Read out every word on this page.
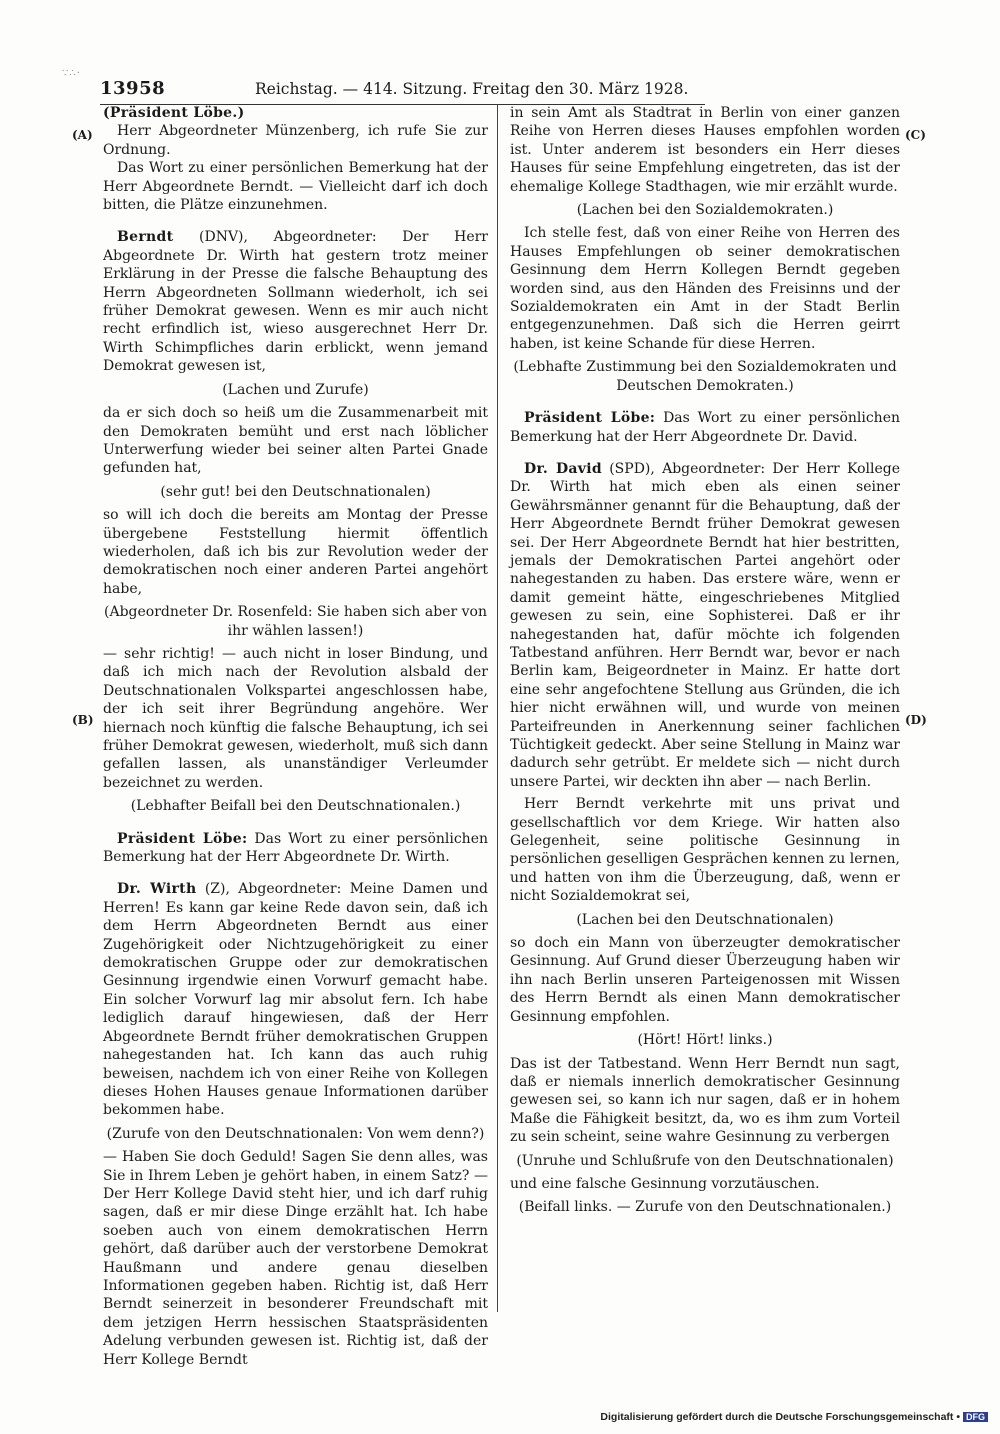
∵∴·
13958	Reichstag. — 414. Sitzung. Freitag den 30. März 1928.
(A)
(B)
(C)
(D)

(Präsident Löbe.)

Herr Abgeordneter Münzenberg, ich rufe Sie zur Ordnung.

Das Wort zu einer persönlichen Bemerkung hat der Herr Abgeordnete Berndt. — Vielleicht darf ich doch bitten, die Plätze einzunehmen.

Berndt (DNV), Abgeordneter: Der Herr Abgeordnete Dr. Wirth hat gestern trotz meiner Erklärung in der Presse die falsche Behauptung des Herrn Abgeordneten Sollmann wiederholt, ich sei früher Demokrat gewesen. Wenn es mir auch nicht recht erfindlich ist, wieso ausgerechnet Herr Dr. Wirth Schimpfliches darin erblickt, wenn jemand Demokrat gewesen ist,

(Lachen und Zurufe)

da er sich doch so heiß um die Zusammenarbeit mit den Demokraten bemüht und erst nach löblicher Unterwerfung wieder bei seiner alten Partei Gnade gefunden hat,

(sehr gut! bei den Deutschnationalen)

so will ich doch die bereits am Montag der Presse übergebene Feststellung hiermit öffentlich wiederholen, daß ich bis zur Revolution weder der demokratischen noch einer anderen Partei angehört habe,

(Abgeordneter Dr. Rosenfeld: Sie haben sich aber von ihr wählen lassen!)

— sehr richtig! — auch nicht in loser Bindung, und daß ich mich nach der Revolution alsbald der Deutschnationalen Volkspartei angeschlossen habe, der ich seit ihrer Begründung angehöre. Wer hiernach noch künftig die falsche Behauptung, ich sei früher Demokrat gewesen, wiederholt, muß sich dann gefallen lassen, als unanständiger Verleumder bezeichnet zu werden.

(Lebhafter Beifall bei den Deutschnationalen.)

Präsident Löbe: Das Wort zu einer persönlichen Bemerkung hat der Herr Abgeordnete Dr. Wirth.

Dr. Wirth (Z), Abgeordneter: Meine Damen und Herren! Es kann gar keine Rede davon sein, daß ich dem Herrn Abgeordneten Berndt aus einer Zugehörigkeit oder Nichtzugehörigkeit zu einer demokratischen Gruppe oder zur demokratischen Gesinnung irgendwie einen Vorwurf gemacht habe. Ein solcher Vorwurf lag mir absolut fern. Ich habe lediglich darauf hingewiesen, daß der Herr Abgeordnete Berndt früher demokratischen Gruppen nahegestanden hat. Ich kann das auch ruhig beweisen, nachdem ich von einer Reihe von Kollegen dieses Hohen Hauses genaue Informationen darüber bekommen habe.

(Zurufe von den Deutschnationalen: Von wem denn?)

— Haben Sie doch Geduld! Sagen Sie denn alles, was Sie in Ihrem Leben je gehört haben, in einem Satz? — Der Herr Kollege David steht hier, und ich darf ruhig sagen, daß er mir diese Dinge erzählt hat. Ich habe soeben auch von einem demokratischen Herrn gehört, daß darüber auch der verstorbene Demokrat Haußmann und andere genau dieselben Informationen gegeben haben. Richtig ist, daß Herr Berndt seinerzeit in besonderer Freundschaft mit dem jetzigen Herrn hessischen Staatspräsidenten Adelung verbunden gewesen ist. Richtig ist, daß der Herr Kollege Berndt

in sein Amt als Stadtrat in Berlin von einer ganzen Reihe von Herren dieses Hauses empfohlen worden ist. Unter anderem ist besonders ein Herr dieses Hauses für seine Empfehlung eingetreten, das ist der ehemalige Kollege Stadthagen, wie mir erzählt wurde.

(Lachen bei den Sozialdemokraten.)

Ich stelle fest, daß von einer Reihe von Herren des Hauses Empfehlungen ob seiner demokratischen Gesinnung dem Herrn Kollegen Berndt gegeben worden sind, aus den Händen des Freisinns und der Sozialdemokraten ein Amt in der Stadt Berlin entgegenzunehmen. Daß sich die Herren geirrt haben, ist keine Schande für diese Herren.

(Lebhafte Zustimmung bei den Sozialdemokraten und Deutschen Demokraten.)

Präsident Löbe: Das Wort zu einer persönlichen Bemerkung hat der Herr Abgeordnete Dr. David.

Dr. David (SPD), Abgeordneter: Der Herr Kollege Dr. Wirth hat mich eben als einen seiner Gewährsmänner genannt für die Behauptung, daß der Herr Abgeordnete Berndt früher Demokrat gewesen sei. Der Herr Abgeordnete Berndt hat hier bestritten, jemals der Demokratischen Partei angehört oder nahegestanden zu haben. Das erstere wäre, wenn er damit gemeint hätte, eingeschriebenes Mitglied gewesen zu sein, eine Sophisterei. Daß er ihr nahegestanden hat, dafür möchte ich folgenden Tatbestand anführen. Herr Berndt war, bevor er nach Berlin kam, Beigeordneter in Mainz. Er hatte dort eine sehr angefochtene Stellung aus Gründen, die ich hier nicht erwähnen will, und wurde von meinen Parteifreunden in Anerkennung seiner fachlichen Tüchtigkeit gedeckt. Aber seine Stellung in Mainz war dadurch sehr getrübt. Er meldete sich — nicht durch unsere Partei, wir deckten ihn aber — nach Berlin.

Herr Berndt verkehrte mit uns privat und gesellschaftlich vor dem Kriege. Wir hatten also Gelegenheit, seine politische Gesinnung in persönlichen geselligen Gesprächen kennen zu lernen, und hatten von ihm die Überzeugung, daß, wenn er nicht Sozialdemokrat sei,

(Lachen bei den Deutschnationalen)

so doch ein Mann von überzeugter demokratischer Gesinnung. Auf Grund dieser Überzeugung haben wir ihn nach Berlin unseren Parteigenossen mit Wissen des Herrn Berndt als einen Mann demokratischer Gesinnung empfohlen.

(Hört! Hört! links.)

Das ist der Tatbestand. Wenn Herr Berndt nun sagt, daß er niemals innerlich demokratischer Gesinnung gewesen sei, so kann ich nur sagen, daß er in hohem Maße die Fähigkeit besitzt, da, wo es ihm zum Vorteil zu sein scheint, seine wahre Gesinnung zu verbergen

(Unruhe und Schlußrufe von den Deutschnationalen)

und eine falsche Gesinnung vorzutäuschen.

(Beifall links. — Zurufe von den Deutschnationalen.)

Digitalisierung gefördert durch die Deutsche Forschungsgemeinschaft • DFG
